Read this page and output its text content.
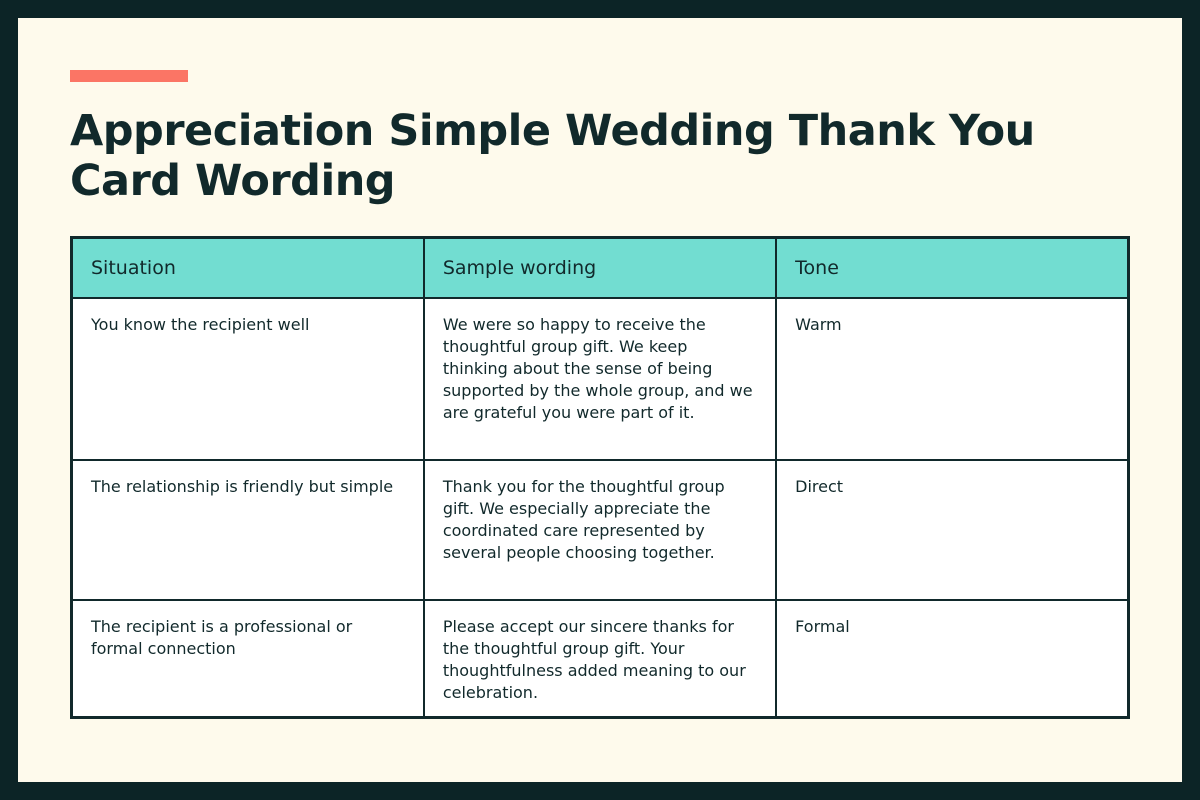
Appreciation Simple Wedding Thank You Card Wording
Situation	Sample wording	Tone
You know the recipient well	We were so happy to receive the thoughtful group gift. We keep thinking about the sense of being supported by the whole group, and we are grateful you were part of it.	Warm
The relationship is friendly but simple	Thank you for the thoughtful group gift. We especially appreciate the coordinated care represented by several people choosing together.	Direct
The recipient is a professional or formal connection	Please accept our sincere thanks for the thoughtful group gift. Your thoughtfulness added meaning to our celebration.	Formal
